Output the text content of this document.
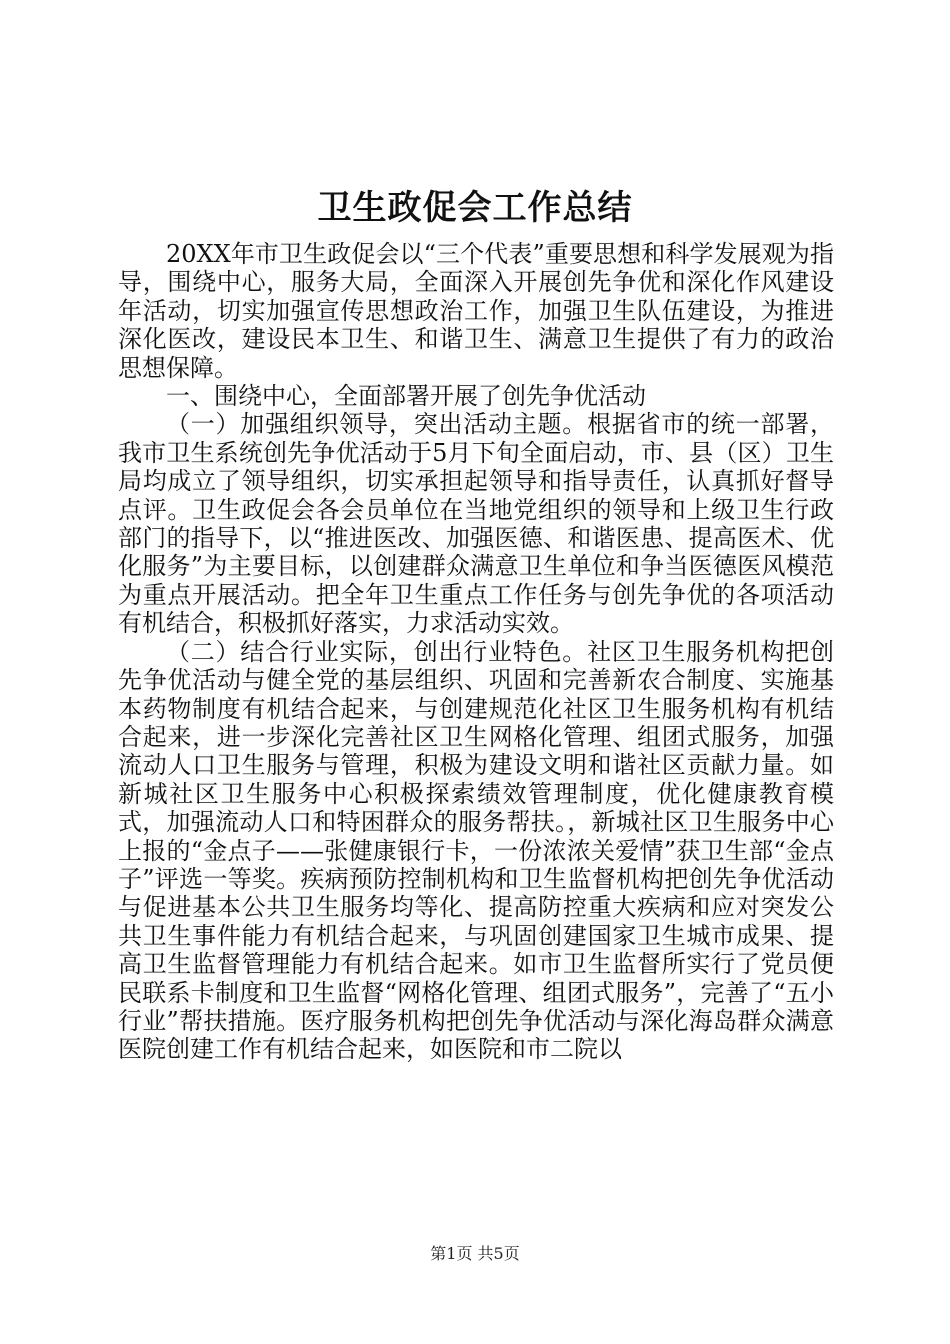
卫生政促会工作总结

20XX年市卫生政促会以“三个代表”重要思想和科学发展观为指导，围绕中心，服务大局，全面深入开展创先争优和深化作风建设年活动，切实加强宣传思想政治工作，加强卫生队伍建设，为推进深化医改，建设民本卫生、和谐卫生、满意卫生提供了有力的政治思想保障。

一、围绕中心，全面部署开展了创先争优活动

（一）加强组织领导，突出活动主题。根据省市的统一部署，我市卫生系统创先争优活动于5月下旬全面启动，市、县（区）卫生局均成立了领导组织，切实承担起领导和指导责任，认真抓好督导点评。卫生政促会各会员单位在当地党组织的领导和上级卫生行政部门的指导下，以“推进医改、加强医德、和谐医患、提高医术、优化服务”为主要目标，以创建群众满意卫生单位和争当医德医风模范为重点开展活动。把全年卫生重点工作任务与创先争优的各项活动有机结合，积极抓好落实，力求活动实效。

（二）结合行业实际，创出行业特色。社区卫生服务机构把创先争优活动与健全党的基层组织、巩固和完善新农合制度、实施基本药物制度有机结合起来，与创建规范化社区卫生服务机构有机结合起来，进一步深化完善社区卫生网格化管理、组团式服务，加强流动人口卫生服务与管理，积极为建设文明和谐社区贡献力量。如新城社区卫生服务中心积极探索绩效管理制度，优化健康教育模式，加强流动人口和特困群众的服务帮扶。，新城社区卫生服务中心上报的“金点子——张健康银行卡，一份浓浓关爱情”获卫生部“金点子”评选一等奖。疾病预防控制机构和卫生监督机构把创先争优活动与促进基本公共卫生服务均等化、提高防控重大疾病和应对突发公共卫生事件能力有机结合起来，与巩固创建国家卫生城市成果、提高卫生监督管理能力有机结合起来。如市卫生监督所实行了党员便民联系卡制度和卫生监督“网格化管理、组团式服务”，完善了“五小行业”帮扶措施。医疗服务机构把创先争优活动与深化海岛群众满意医院创建工作有机结合起来，如医院和市二院以

第1页 共5页
